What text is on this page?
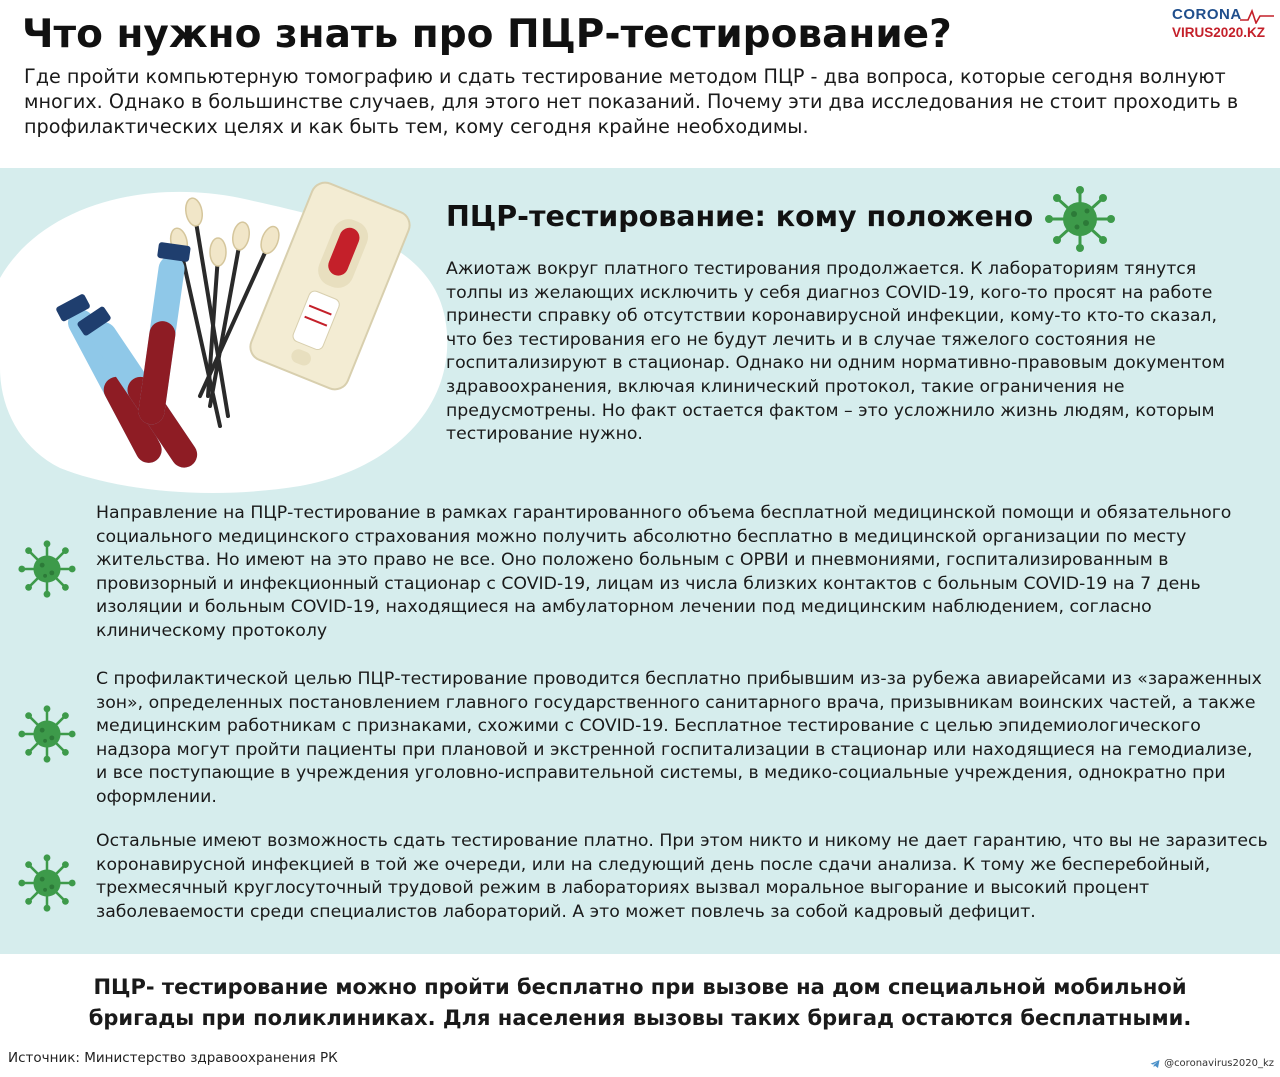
Что нужно знать про ПЦР-тестирование?	CORONA
VIRUS2020.KZ

Где пройти компьютерную томографию и сдать тестирование методом ПЦР - два вопроса, которые сегодня волнуют многих. Однако в большинстве случаев, для этого нет показаний. Почему эти два исследования не стоит проходить в профилактических целях и как быть тем, кому сегодня крайне необходимы.

ПЦР-тестирование: кому положено

Ажиотаж вокруг платного тестирования продолжается. К лабораториям тянутся толпы из желающих исключить у себя диагноз COVID-19, кого-то просят на работе принести справку об отсутствии коронавирусной инфекции, кому-то кто-то сказал, что без тестирования его не будут лечить и в случае тяжелого состояния не госпитализируют в стационар. Однако ни одним нормативно-правовым документом здравоохранения, включая клинический протокол, такие ограничения не предусмотрены. Но факт остается фактом – это усложнило жизнь людям, которым тестирование нужно.

Направление на ПЦР-тестирование в рамках гарантированного объема бесплатной медицинской помощи и обязательного социального медицинского страхования можно получить абсолютно бесплатно в медицинской организации по месту жительства. Но имеют на это право не все. Оно положено больным с ОРВИ и пневмониями, госпитализированным в провизорный и инфекционный стационар с COVID-19, лицам из числа близких контактов с больным COVID-19 на 7 день изоляции и больным COVID-19, находящиеся на амбулаторном лечении под медицинским наблюдением, согласно клиническому протоколу

С профилактической целью ПЦР-тестирование проводится бесплатно прибывшим из-за рубежа авиарейсами из «зараженных зон», определенных постановлением главного государственного санитарного врача, призывникам воинских частей, а также медицинским работникам с признаками, схожими с COVID-19. Бесплатное тестирование с целью эпидемиологического надзора могут пройти пациенты при плановой и экстренной госпитализации в стационар или находящиеся на гемодиализе, и все поступающие в учреждения уголовно-исправительной системы, в медико-социальные учреждения, однократно при оформлении.

Остальные имеют возможность сдать тестирование платно. При этом никто и никому не дает гарантию, что вы не заразитесь коронавирусной инфекцией в той же очереди, или на следующий день после сдачи анализа. К тому же бесперебойный, трехмесячный круглосуточный трудовой режим в лабораториях вызвал моральное выгорание и высокий процент заболеваемости среди специалистов лабораторий. А это может повлечь за собой кадровый дефицит.

ПЦР- тестирование можно пройти бесплатно при вызове на дом специальной мобильной бригады при поликлиниках. Для населения вызовы таких бригад остаются бесплатными.

Источник: Министерство здравоохранения РК	@coronavirus2020_kz
